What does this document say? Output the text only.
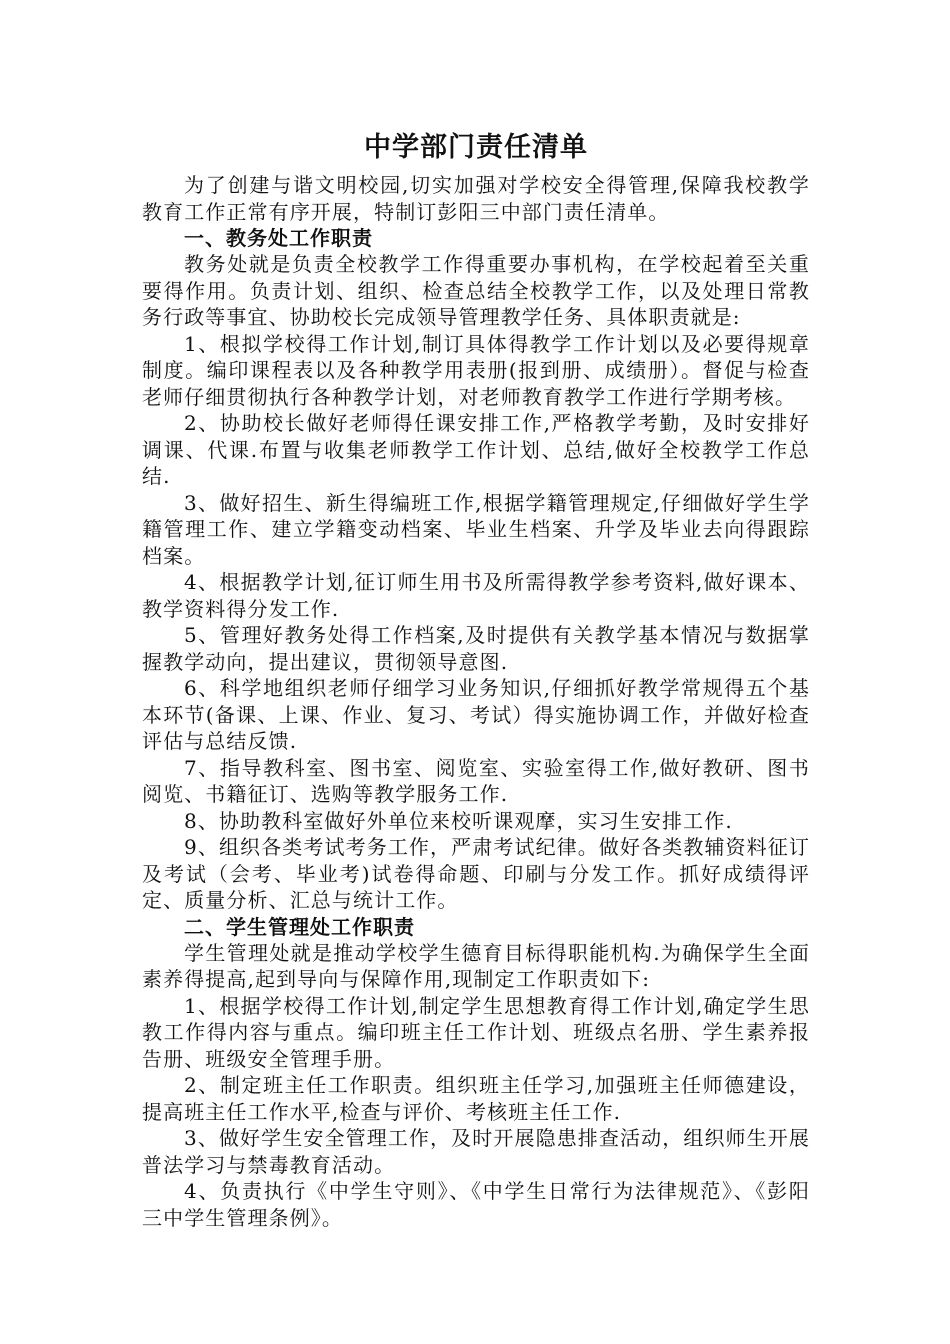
中学部门责任清单

为了创建与谐文明校园,切实加强对学校安全得管理,保障我校教学教育工作正常有序开展，特制订彭阳三中部门责任清单。

一、教务处工作职责

教务处就是负责全校教学工作得重要办事机构，在学校起着至关重要得作用。负责计划、组织、检查总结全校教学工作，以及处理日常教务行政等事宜、协助校长完成领导管理教学任务、具体职责就是:

1、根拟学校得工作计划,制订具体得教学工作计划以及必要得规章制度。编印课程表以及各种教学用表册(报到册、成绩册）。督促与检查老师仔细贯彻执行各种教学计划，对老师教育教学工作进行学期考核。

2、协助校长做好老师得任课安排工作,严格教学考勤，及时安排好调课、代课.布置与收集老师教学工作计划、总结,做好全校教学工作总结.

3、做好招生、新生得编班工作,根据学籍管理规定,仔细做好学生学籍管理工作、建立学籍变动档案、毕业生档案、升学及毕业去向得跟踪档案。

4、根据教学计划,征订师生用书及所需得教学参考资料,做好课本、教学资料得分发工作.

5、管理好教务处得工作档案,及时提供有关教学基本情况与数据掌握教学动向，提出建议，贯彻领导意图.

6、科学地组织老师仔细学习业务知识,仔细抓好教学常规得五个基本环节(备课、上课、作业、复习、考试）得实施协调工作，并做好检查评估与总结反馈.

7、指导教科室、图书室、阅览室、实验室得工作,做好教研、图书阅览、书籍征订、选购等教学服务工作.

8、协助教科室做好外单位来校听课观摩，实习生安排工作.

9、组织各类考试考务工作，严肃考试纪律。做好各类教辅资料征订及考试（会考、毕业考)试卷得命题、印刷与分发工作。抓好成绩得评定、质量分析、汇总与统计工作。

二、学生管理处工作职责

学生管理处就是推动学校学生德育目标得职能机构.为确保学生全面素养得提高,起到导向与保障作用,现制定工作职责如下:

1、根据学校得工作计划,制定学生思想教育得工作计划,确定学生思教工作得内容与重点。编印班主任工作计划、班级点名册、学生素养报告册、班级安全管理手册。

2、制定班主任工作职责。组织班主任学习,加强班主任师德建设，提高班主任工作水平,检查与评价、考核班主任工作.

3、做好学生安全管理工作，及时开展隐患排查活动，组织师生开展普法学习与禁毒教育活动。

4、负责执行《中学生守则》、《中学生日常行为法律规范》、《彭阳三中学生管理条例》。
